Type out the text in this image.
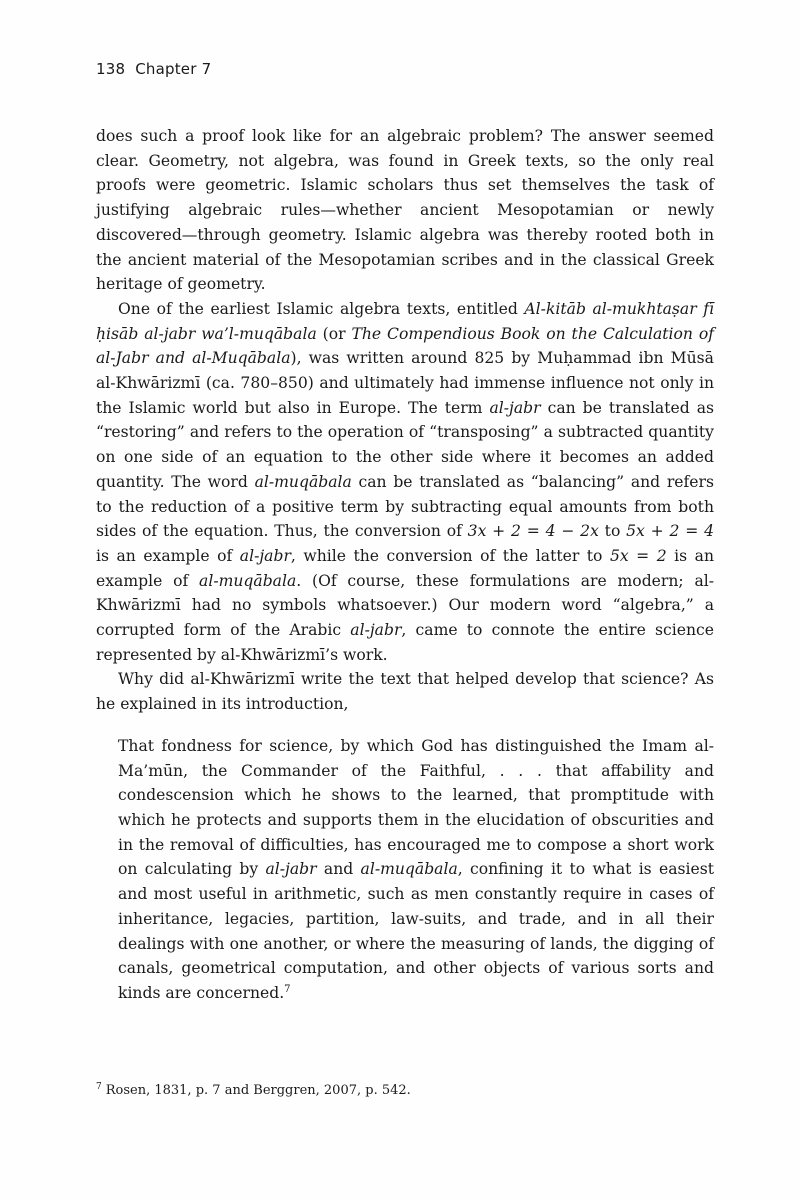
138 Chapter 7

does such a proof look like for an algebraic problem? The answer seemed clear. Geometry, not algebra, was found in Greek texts, so the only real proofs were geometric. Islamic scholars thus set themselves the task of justifying algebraic rules—whether ancient Mesopotamian or newly discovered—through geometry. Islamic algebra was thereby rooted both in the ancient material of the Mesopotamian scribes and in the classical Greek heritage of geometry.

One of the earliest Islamic algebra texts, entitled Al-kitāb al-mukhtaṣar fī ḥisāb al-jabr wa’l-muqābala (or The Compendious Book on the Calculation of al-Jabr and al-Muqābala), was written around 825 by Muḥammad ibn Mūsā al-Khwārizmī (ca. 780–850) and ultimately had immense influence not only in the Islamic world but also in Europe. The term al-jabr can be translated as “restoring” and refers to the operation of “transposing” a subtracted quantity on one side of an equation to the other side where it becomes an added quantity. The word al-muqābala can be translated as “balancing” and refers to the reduction of a positive term by subtracting equal amounts from both sides of the equation. Thus, the conversion of 3x + 2 = 4 − 2x to 5x + 2 = 4 is an example of al-jabr, while the conversion of the latter to 5x = 2 is an example of al-muqābala. (Of course, these formulations are modern; al-Khwārizmī had no symbols whatsoever.) Our modern word “algebra,” a corrupted form of the Arabic al-jabr, came to connote the entire science represented by al-Khwārizmī’s work.

Why did al-Khwārizmī write the text that helped develop that science? As he explained in its introduction,

That fondness for science, by which God has distinguished the Imam al-Ma’mūn, the Commander of the Faithful, . . . that affability and condescension which he shows to the learned, that promptitude with which he protects and supports them in the elucidation of obscurities and in the removal of difficulties, has encouraged me to compose a short work on calculating by al-jabr and al-muqābala, confining it to what is easiest and most useful in arithmetic, such as men constantly require in cases of inheritance, legacies, partition, law-suits, and trade, and in all their dealings with one another, or where the measuring of lands, the digging of canals, geometrical computation, and other objects of various sorts and kinds are concerned.$^7$

$^7$ Rosen, 1831, p. 7 and Berggren, 2007, p. 542.
